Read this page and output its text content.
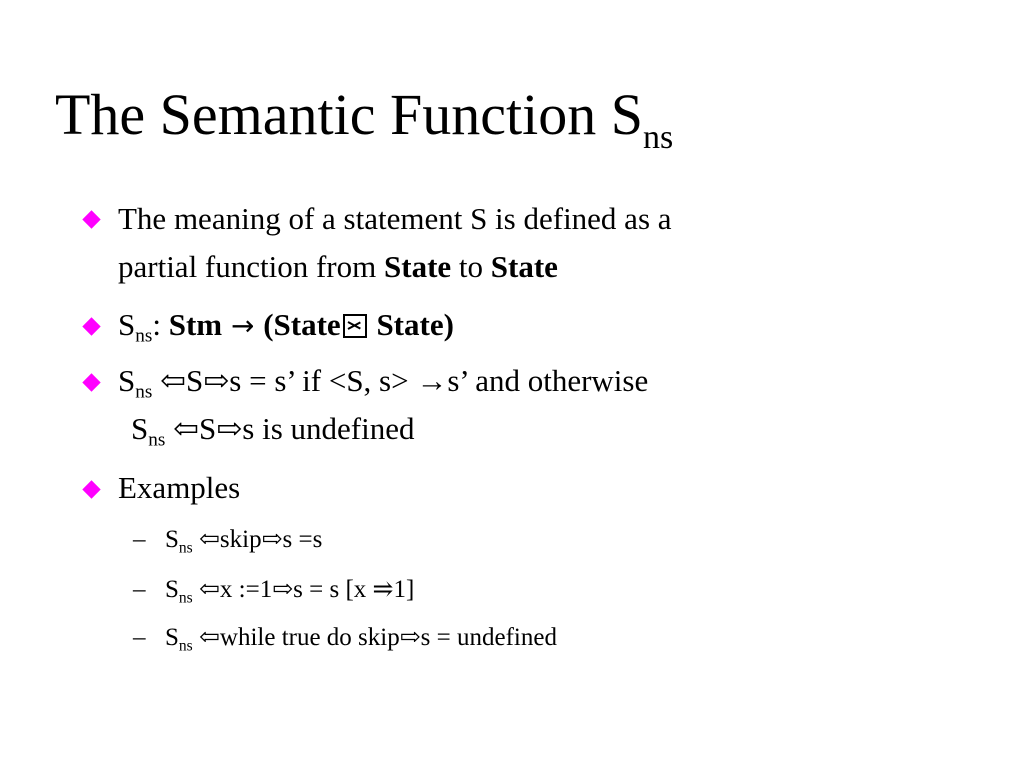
The Semantic Function $S_{ns}$
The meaning of a statement S is defined as a
partial function from State to State
$S_{ns}$: Stm → (State State)
$S_{ns}$ ⇦S⇨s = s’ if <S, s> →s’ and otherwise
$S_{ns}$ ⇦S⇨s is undefined
Examples
– $S_{ns}$ ⇦skip⇨s =s
– $S_{ns}$ ⇦x :=1⇨s = s [x ⥤1]
– $S_{ns}$ ⇦while true do skip⇨s = undefined
